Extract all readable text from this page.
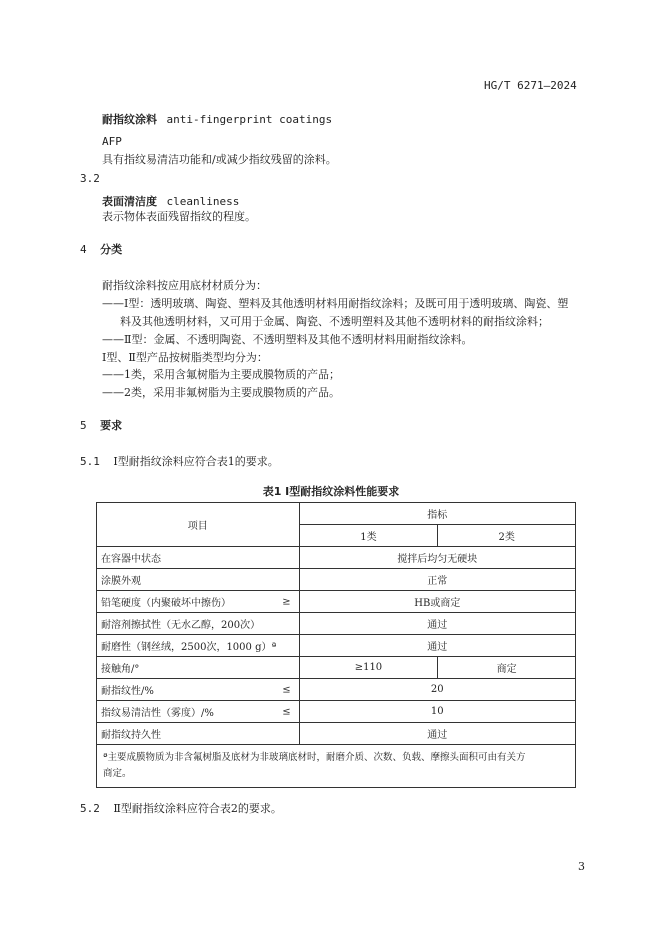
HG/T 6271—2024
耐指纹涂料 anti-fingerprint coatings
AFP
具有指纹易清洁功能和/或减少指纹残留的涂料。
3.2
表面清洁度 cleanliness
表示物体表面残留指纹的程度。
4 分类
耐指纹涂料按应用底材材质分为：
——Ⅰ型：透明玻璃、陶瓷、塑料及其他透明材料用耐指纹涂料；及既可用于透明玻璃、陶瓷、塑
料及其他透明材料，又可用于金属、陶瓷、不透明塑料及其他不透明材料的耐指纹涂料；
——Ⅱ型：金属、不透明陶瓷、不透明塑料及其他不透明材料用耐指纹涂料。
Ⅰ型、Ⅱ型产品按树脂类型均分为：
——1类，采用含氟树脂为主要成膜物质的产品；
——2类，采用非氟树脂为主要成膜物质的产品。
5 要求
5.1 Ⅰ型耐指纹涂料应符合表1的要求。
表1 Ⅰ型耐指纹涂料性能要求
项目	指标	
	1类	2类
在容器中状态	搅拌后均匀无硬块	
涂膜外观	正常	
铅笔硬度（内聚破坏中擦伤） ≥	HB或商定	
耐溶剂擦拭性（无水乙醇，200次）	通过	
耐磨性（钢丝绒，2500次，1000 g）ª	通过	
接触角/°	≥110	商定
耐指纹性/% ≤	20	
指纹易清洁性（雾度）/% ≤	10	
耐指纹持久性	通过	

ª主要成膜物质为非含氟树脂及底材为非玻璃底材时，耐磨介质、次数、负载、摩擦头面积可由有关方
商定。		
5.2 Ⅱ型耐指纹涂料应符合表2的要求。
3
